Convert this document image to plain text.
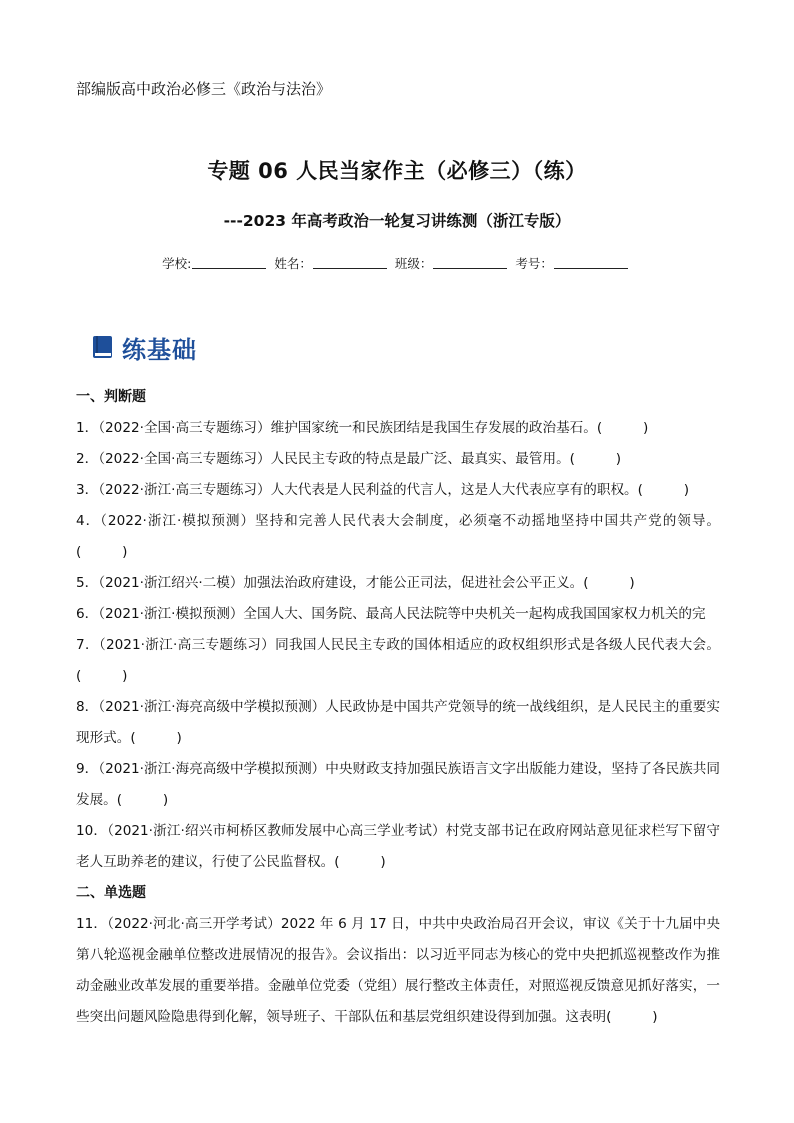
部编版高中政治必修三《政治与法治》
专题 06 人民当家作主（必修三）（练）
---2023 年高考政治一轮复习讲练测（浙江专版）
学校:	姓名：	班级：	考号：
练基础
一、判断题

1．（2022·全国·高三专题练习）维护国家统一和民族团结是我国生存发展的政治基石。(　　　)

2．（2022·全国·高三专题练习）人民民主专政的特点是最广泛、最真实、最管用。(　　　)

3．（2022·浙江·高三专题练习）人大代表是人民利益的代言人，这是人大代表应享有的职权。(　　　)

4．（2022·浙江·模拟预测）坚持和完善人民代表大会制度，必须毫不动摇地坚持中国共产党的领导。(　　　)

5．（2021·浙江绍兴·二模）加强法治政府建设，才能公正司法，促进社会公平正义。(　　　)

6．（2021·浙江·模拟预测）全国人大、国务院、最高人民法院等中央机关一起构成我国国家权力机关的完

7．（2021·浙江·高三专题练习）同我国人民民主专政的国体相适应的政权组织形式是各级人民代表大会。(　　　)

8．（2021·浙江·海亮高级中学模拟预测）人民政协是中国共产党领导的统一战线组织，是人民民主的重要实现形式。(　　　)

9．（2021·浙江·海亮高级中学模拟预测）中央财政支持加强民族语言文字出版能力建设，坚持了各民族共同发展。(　　　)

10．（2021·浙江·绍兴市柯桥区教师发展中心高三学业考试）村党支部书记在政府网站意见征求栏写下留守老人互助养老的建议，行使了公民监督权。(　　　)

二、单选题

11．（2022·河北·高三开学考试）2022 年 6 月 17 日，中共中央政治局召开会议，审议《关于十九届中央第八轮巡视金融单位整改进展情况的报告》。会议指出：以习近平同志为核心的党中央把抓巡视整改作为推动金融业改革发展的重要举措。金融单位党委（党组）展行整改主体责任，对照巡视反馈意见抓好落实，一些突出问题风险隐患得到化解，领导班子、干部队伍和基层党组织建设得到加强。这表明(　　　)
